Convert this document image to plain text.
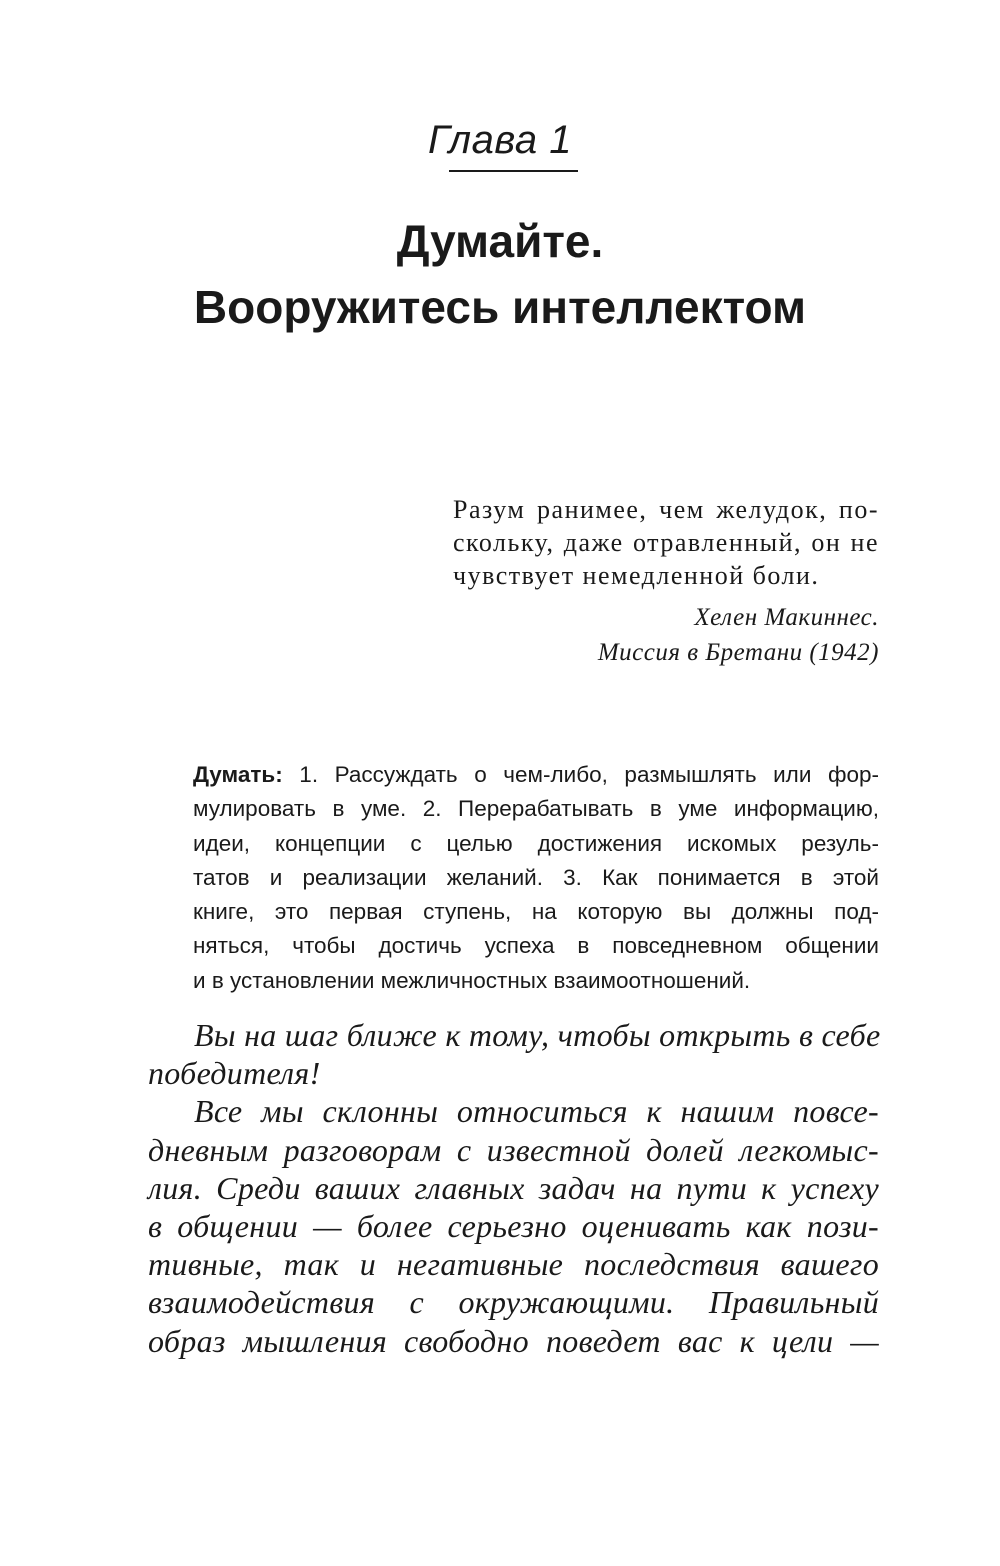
Глава 1
Думайте.
Вооружитесь интеллектом
Разум ранимее, чем желудок, по-
скольку, даже отравленный, он не
чувствует немедленной боли.
Хелен Макиннес.
Миссия в Бретани (1942)
Думать: 1. Рассуждать о чем-либо, размышлять или фор-
мулировать в уме. 2. Перерабатывать в уме информацию,
идеи, концепции с целью достижения искомых резуль-
татов и реализации желаний. 3. Как понимается в этой
книге, это первая ступень, на которую вы должны под-
няться, чтобы достичь успеха в повседневном общении
и в установлении межличностных взаимоотношений.
Вы на шаг ближе к тому, чтобы открыть в себе
победителя!
Все мы склонны относиться к нашим повсе-
дневным разговорам с известной долей легкомыс-
лия. Среди ваших главных задач на пути к успеху
в общении — более серьезно оценивать как пози-
тивные, так и негативные последствия вашего
взаимодействия с окружающими. Правильный
образ мышления свободно поведет вас к цели —
